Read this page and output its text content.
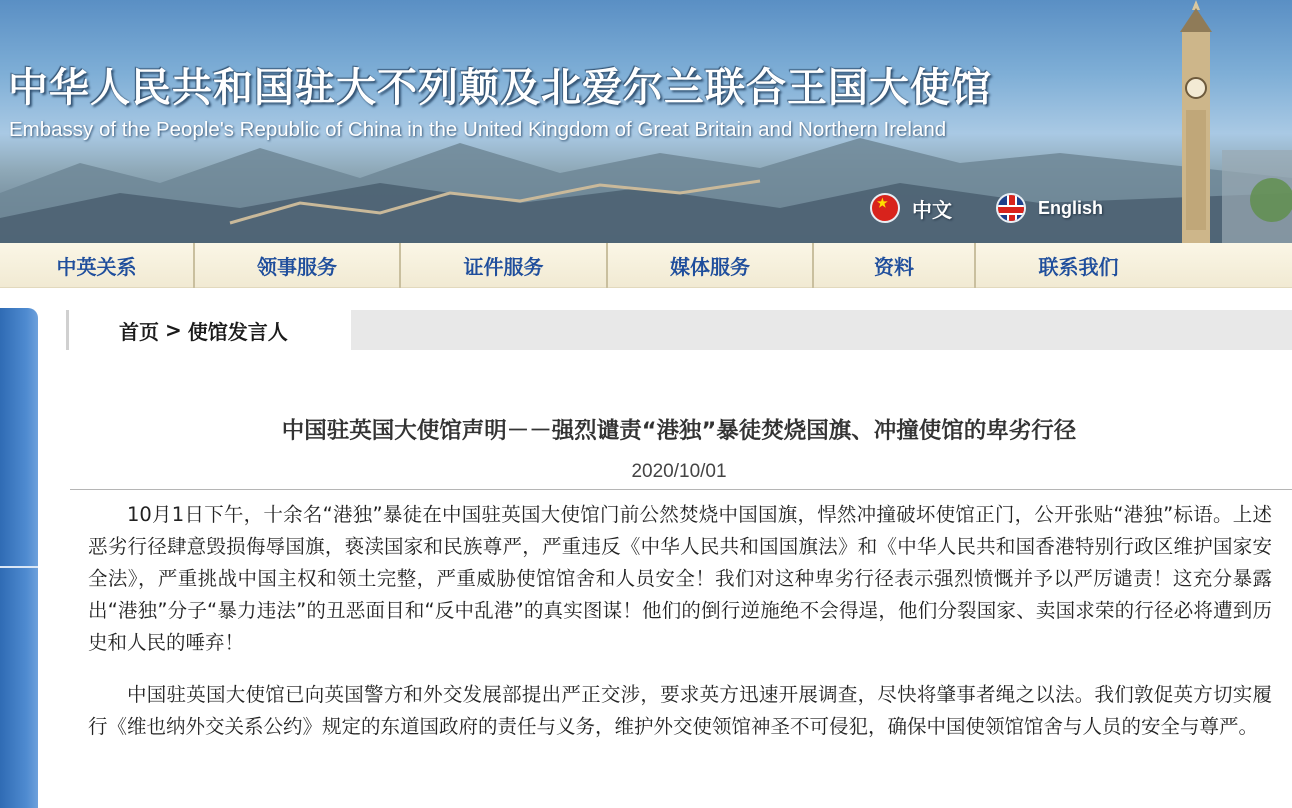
中华人民共和国驻大不列颠及北爱尔兰联合王国大使馆
Embassy of the People's Republic of China in the United Kingdom of Great Britain and Northern Ireland
★
中文	English
中英关系	领事服务	证件服务	媒体服务	资料	联系我们
首页 > 使馆发言人
中国驻英国大使馆声明－－强烈谴责“港独”暴徒焚烧国旗、冲撞使馆的卑劣行径
2020/10/01

10月1日下午，十余名“港独”暴徒在中国驻英国大使馆门前公然焚烧中国国旗，悍然冲撞破坏使馆正门，公开张贴“港独”标语。上述恶劣行径肆意毁损侮辱国旗，亵渎国家和民族尊严，严重违反《中华人民共和国国旗法》和《中华人民共和国香港特别行政区维护国家安全法》，严重挑战中国主权和领土完整，严重威胁使馆馆舍和人员安全！我们对这种卑劣行径表示强烈愤慨并予以严厉谴责！这充分暴露出“港独”分子“暴力违法”的丑恶面目和“反中乱港”的真实图谋！他们的倒行逆施绝不会得逞，他们分裂国家、卖国求荣的行径必将遭到历史和人民的唾弃！

中国驻英国大使馆已向英国警方和外交发展部提出严正交涉，要求英方迅速开展调查，尽快将肇事者绳之以法。我们敦促英方切实履行《维也纳外交关系公约》规定的东道国政府的责任与义务，维护外交使领馆神圣不可侵犯，确保中国使领馆馆舍与人员的安全与尊严。
